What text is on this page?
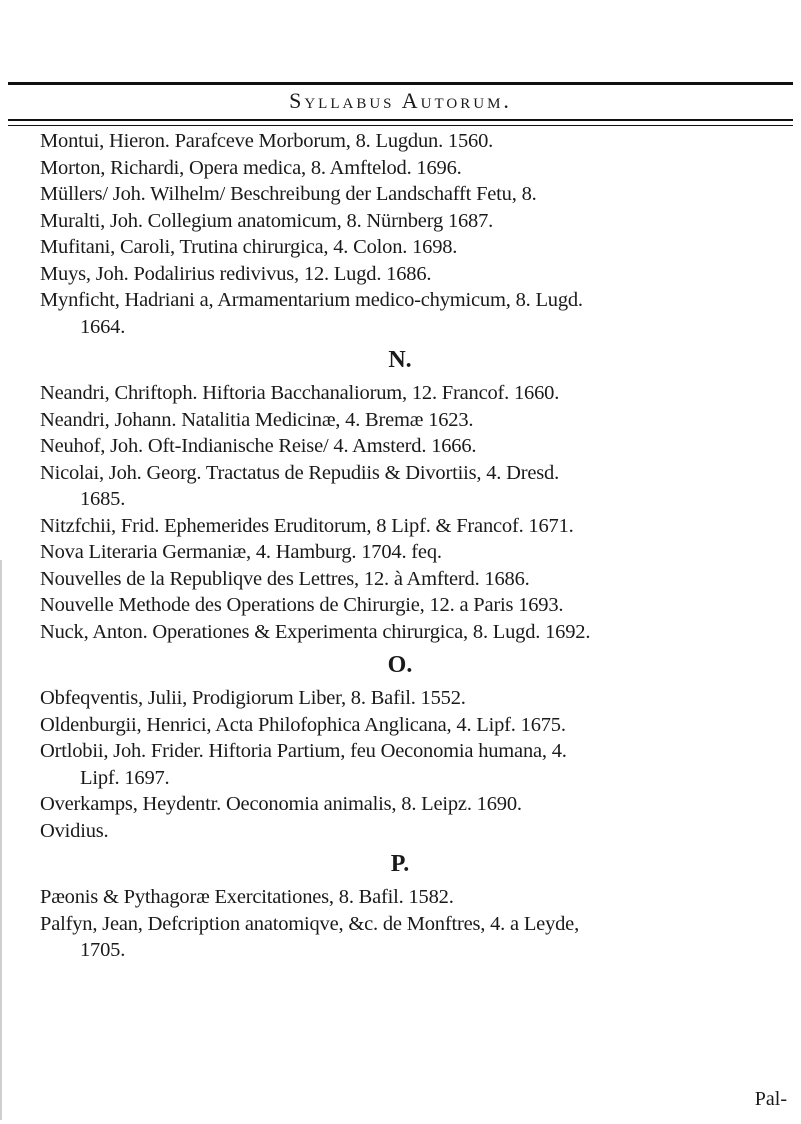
Syllabus Autorum.
Montui, Hieron. Parafceve Morborum, 8. Lugdun. 1560.
Morton, Richardi, Opera medica, 8. Amftelod. 1696.
Müllers/ Joh. Wilhelm/ Beschreibung der Landschafft Fetu, 8.
Muralti, Joh. Collegium anatomicum, 8. Nürnberg 1687.
Mufitani, Caroli, Trutina chirurgica, 4. Colon. 1698.
Muys, Joh. Podalirius redivivus, 12. Lugd. 1686.
Mynficht, Hadriani a, Armamentarium medico-chymicum, 8. Lugd.
1664.
N.
Neandri, Chriftoph. Hiftoria Bacchanaliorum, 12. Francof. 1660.
Neandri, Johann. Natalitia Medicinæ, 4. Bremæ 1623.
Neuhof, Joh. Oft-Indianische Reise/ 4. Amsterd. 1666.
Nicolai, Joh. Georg. Tractatus de Repudiis & Divortiis, 4. Dresd.
1685.
Nitzfchii, Frid. Ephemerides Eruditorum, 8 Lipf. & Francof. 1671.
Nova Literaria Germaniæ, 4. Hamburg. 1704. feq.
Nouvelles de la Republiqve des Lettres, 12. à Amfterd. 1686.
Nouvelle Methode des Operations de Chirurgie, 12. a Paris 1693.
Nuck, Anton. Operationes & Experimenta chirurgica, 8. Lugd. 1692.
O.
Obfeqventis, Julii, Prodigiorum Liber, 8. Bafil. 1552.
Oldenburgii, Henrici, Acta Philofophica Anglicana, 4. Lipf. 1675.
Ortlobii, Joh. Frider. Hiftoria Partium, feu Oeconomia humana, 4.
Lipf. 1697.
Overkamps, Heydentr. Oeconomia animalis, 8. Leipz. 1690.
Ovidius.
P.
Pæonis & Pythagoræ Exercitationes, 8. Bafil. 1582.
Palfyn, Jean, Defcription anatomiqve, &c. de Monftres, 4. a Leyde,
1705.
Pal-
